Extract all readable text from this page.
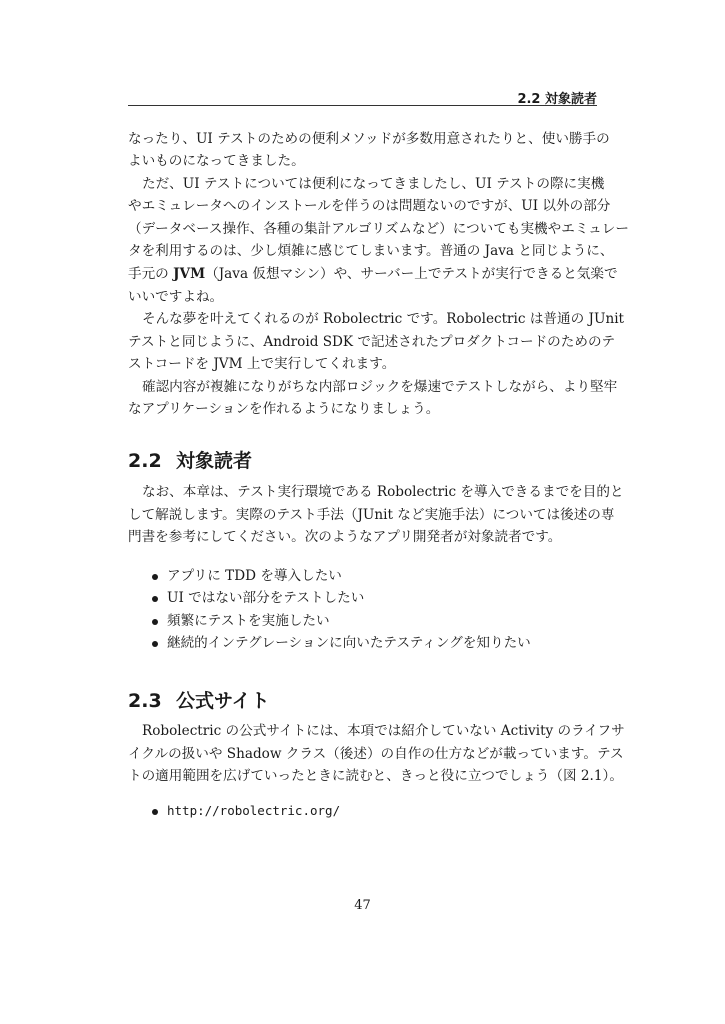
2.2 対象読者
なったり、UI テストのための便利メソッドが多数用意されたりと、使い勝手の
よいものになってきました。
ただ、UI テストについては便利になってきましたし、UI テストの際に実機
やエミュレータへのインストールを伴うのは問題ないのですが、UI 以外の部分
（データベース操作、各種の集計アルゴリズムなど）についても実機やエミュレー
タを利用するのは、少し煩雑に感じてしまいます。普通の Java と同じように、
手元の JVM（Java 仮想マシン）や、サーバー上でテストが実行できると気楽で
いいですよね。
そんな夢を叶えてくれるのが Robolectric です。Robolectric は普通の JUnit
テストと同じように、Android SDK で記述されたプロダクトコードのためのテ
ストコードを JVM 上で実行してくれます。
確認内容が複雑になりがちな内部ロジックを爆速でテストしながら、より堅牢
なアプリケーションを作れるようになりましょう。
2.2 対象読者
なお、本章は、テスト実行環境である Robolectric を導入できるまでを目的と
して解説します。実際のテスト手法（JUnit など実施手法）については後述の専
門書を参考にしてください。次のようなアプリ開発者が対象読者です。
アプリに TDD を導入したい
UI ではない部分をテストしたい
頻繁にテストを実施したい
継続的インテグレーションに向いたテスティングを知りたい
2.3 公式サイト
Robolectric の公式サイトには、本項では紹介していない Activity のライフサ
イクルの扱いや Shadow クラス（後述）の自作の仕方などが載っています。テス
トの適用範囲を広げていったときに読むと、きっと役に立つでしょう（図 2.1）。
http://robolectric.org/
47
